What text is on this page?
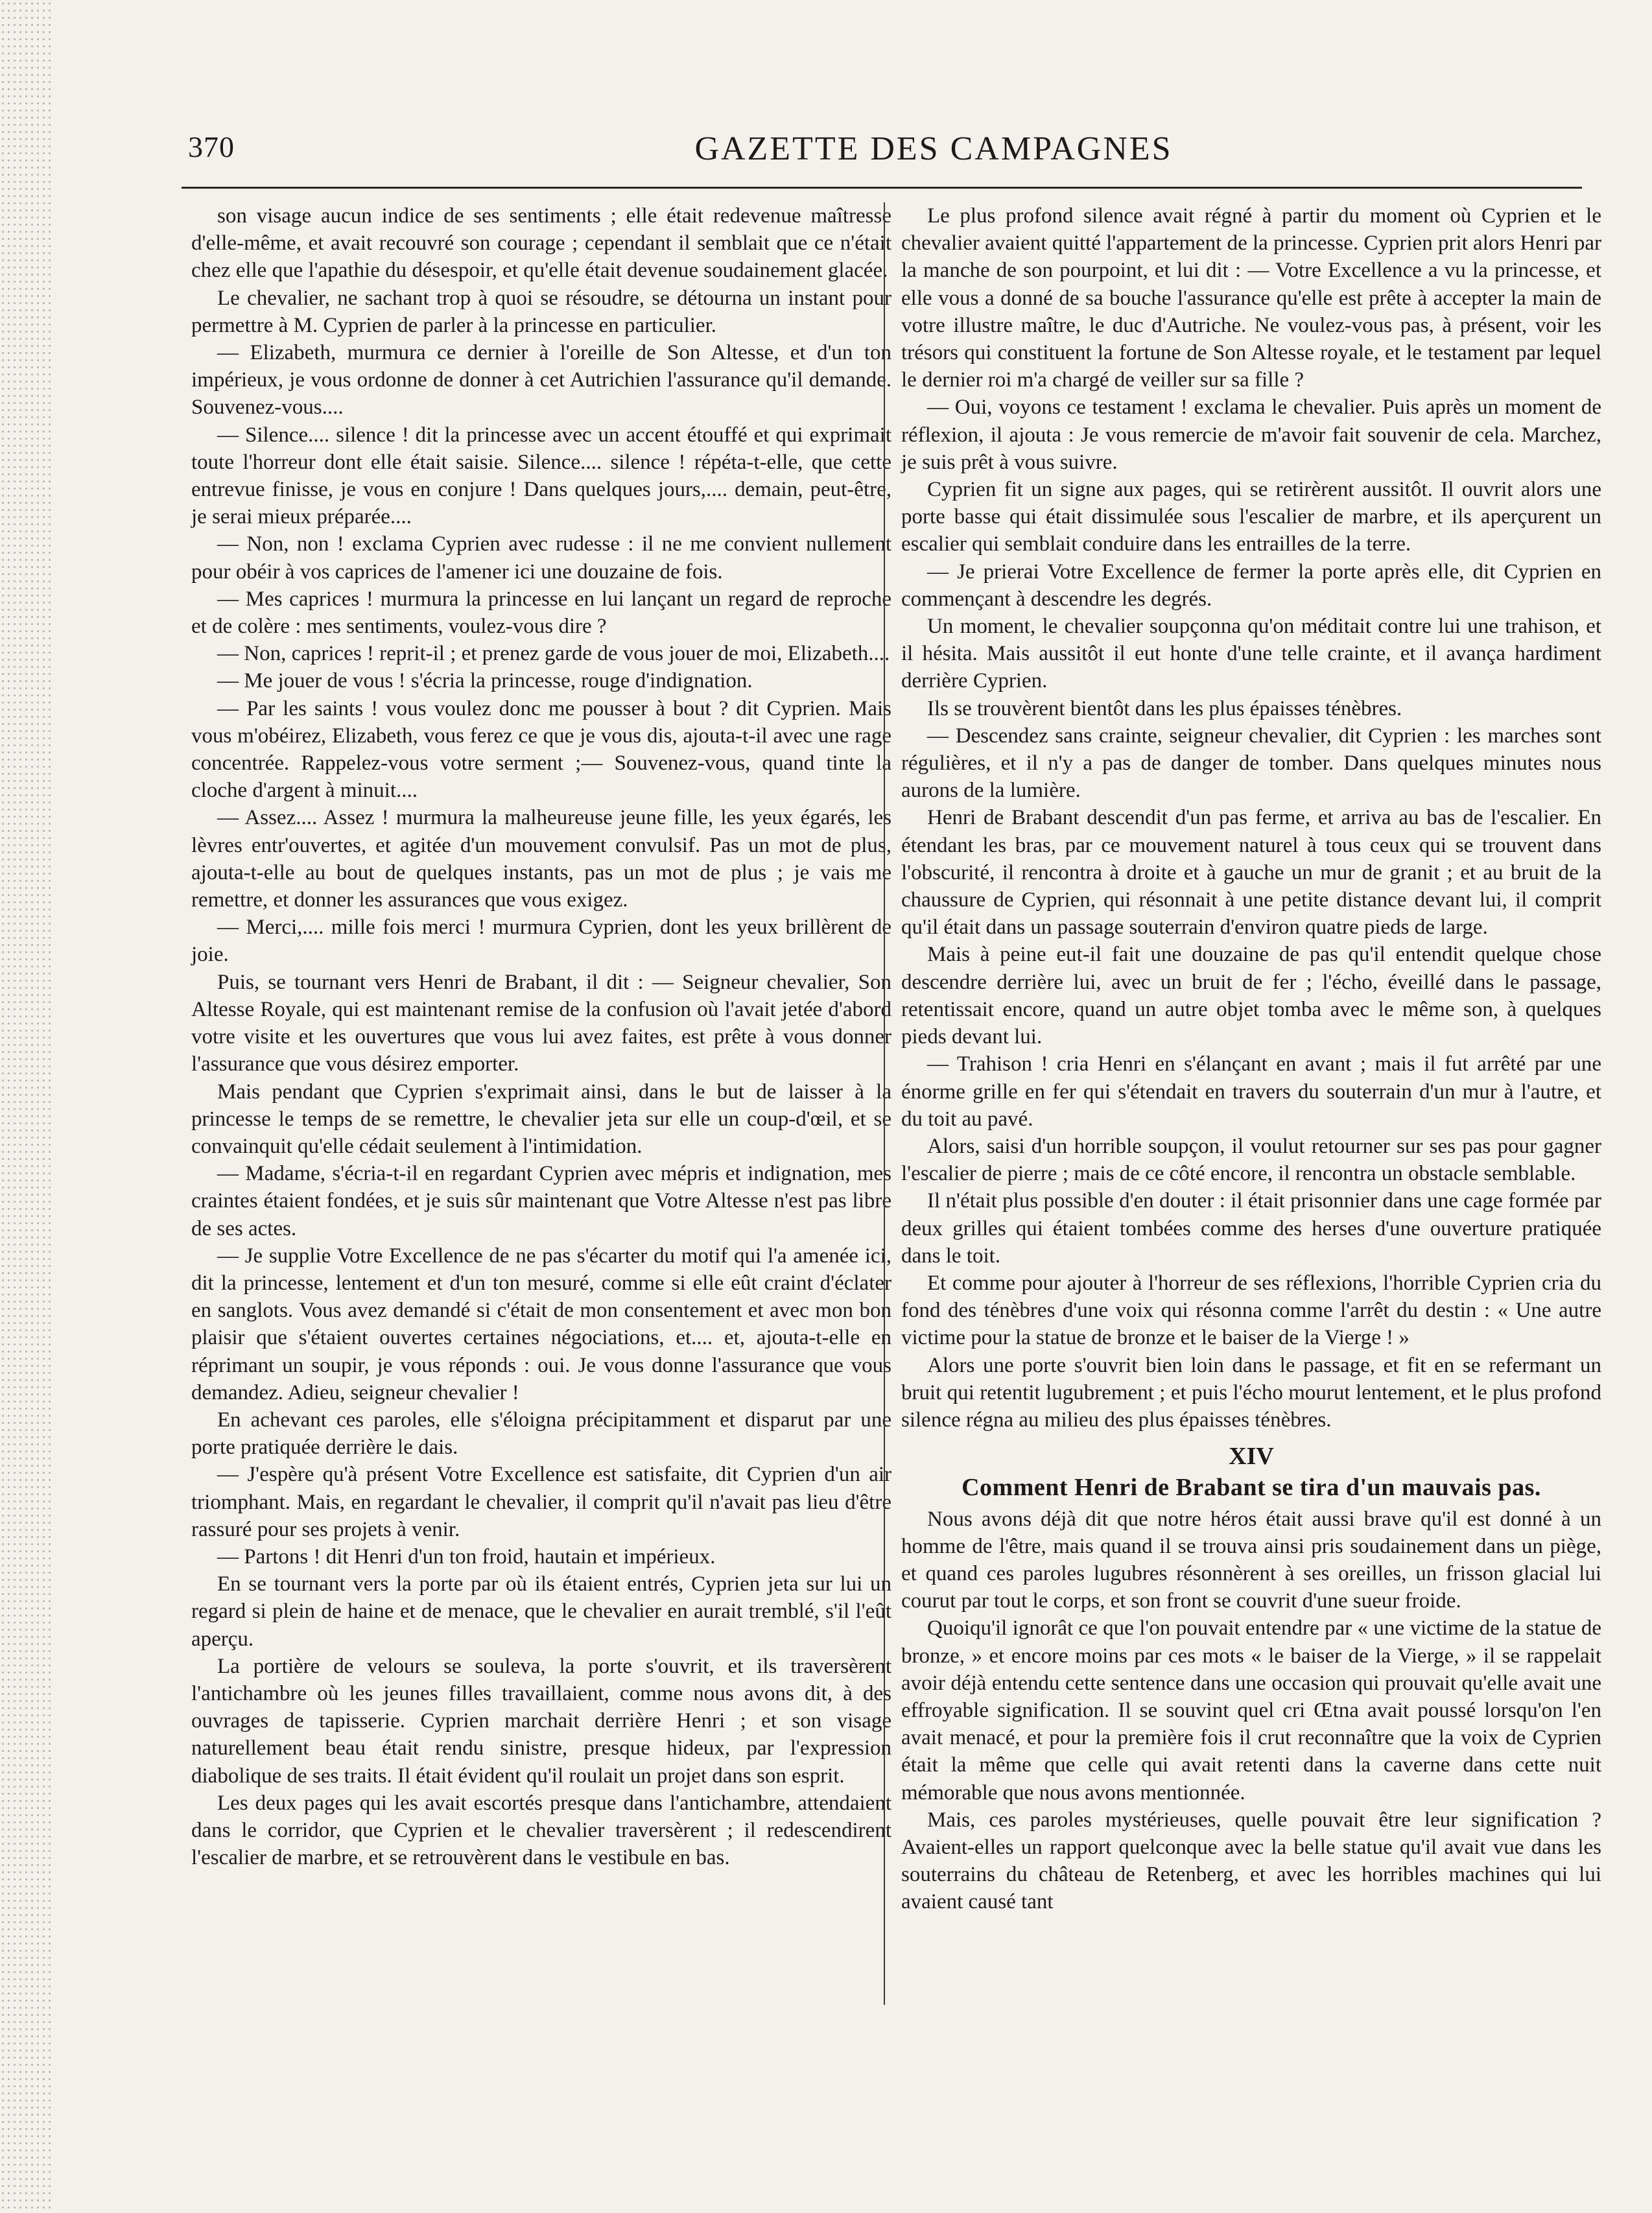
370	GAZETTE DES CAMPAGNES

son visage aucun indice de ses sentiments ; elle était redevenue maîtresse d'elle-même, et avait recouvré son courage ; cependant il semblait que ce n'était chez elle que l'apathie du désespoir, et qu'elle était devenue soudainement glacée.

Le chevalier, ne sachant trop à quoi se résoudre, se détourna un instant pour permettre à M. Cyprien de parler à la princesse en particulier.

— Elizabeth, murmura ce dernier à l'oreille de Son Altesse, et d'un ton impérieux, je vous ordonne de donner à cet Autrichien l'assurance qu'il demande. Souvenez-vous....

— Silence.... silence ! dit la princesse avec un accent étouffé et qui exprimait toute l'horreur dont elle était saisie. Silence.... silence ! répéta-t-elle, que cette entrevue finisse, je vous en conjure ! Dans quelques jours,.... demain, peut-être, je serai mieux préparée....

— Non, non ! exclama Cyprien avec rudesse : il ne me convient nullement pour obéir à vos caprices de l'amener ici une douzaine de fois.

— Mes caprices ! murmura la princesse en lui lançant un regard de reproche et de colère : mes sentiments, voulez-vous dire ?

— Non, caprices ! reprit-il ; et prenez garde de vous jouer de moi, Elizabeth....

— Me jouer de vous ! s'écria la princesse, rouge d'indignation.

— Par les saints ! vous voulez donc me pousser à bout ? dit Cyprien. Mais vous m'obéirez, Elizabeth, vous ferez ce que je vous dis, ajouta-t-il avec une rage concentrée. Rappelez-vous votre serment ;— Souvenez-vous, quand tinte la cloche d'argent à minuit....

— Assez.... Assez ! murmura la malheureuse jeune fille, les yeux égarés, les lèvres entr'ouvertes, et agitée d'un mouvement convulsif. Pas un mot de plus, ajouta-t-elle au bout de quelques instants, pas un mot de plus ; je vais me remettre, et donner les assurances que vous exigez.

— Merci,.... mille fois merci ! murmura Cyprien, dont les yeux brillèrent de joie.

Puis, se tournant vers Henri de Brabant, il dit : — Seigneur chevalier, Son Altesse Royale, qui est maintenant remise de la confusion où l'avait jetée d'abord votre visite et les ouvertures que vous lui avez faites, est prête à vous donner l'assurance que vous désirez emporter.

Mais pendant que Cyprien s'exprimait ainsi, dans le but de laisser à la princesse le temps de se remettre, le chevalier jeta sur elle un coup-d'œil, et se convainquit qu'elle cédait seulement à l'intimidation.

— Madame, s'écria-t-il en regardant Cyprien avec mépris et indignation, mes craintes étaient fondées, et je suis sûr maintenant que Votre Altesse n'est pas libre de ses actes.

— Je supplie Votre Excellence de ne pas s'écarter du motif qui l'a amenée ici, dit la princesse, lentement et d'un ton mesuré, comme si elle eût craint d'éclater en sanglots. Vous avez demandé si c'était de mon consentement et avec mon bon plaisir que s'étaient ouvertes certaines négociations, et.... et, ajouta-t-elle en réprimant un soupir, je vous réponds : oui. Je vous donne l'assurance que vous demandez. Adieu, seigneur chevalier !

En achevant ces paroles, elle s'éloigna précipitamment et disparut par une porte pratiquée derrière le dais.

— J'espère qu'à présent Votre Excellence est satisfaite, dit Cyprien d'un air triomphant. Mais, en regardant le chevalier, il comprit qu'il n'avait pas lieu d'être rassuré pour ses projets à venir.

— Partons ! dit Henri d'un ton froid, hautain et impérieux.

En se tournant vers la porte par où ils étaient entrés, Cyprien jeta sur lui un regard si plein de haine et de menace, que le chevalier en aurait tremblé, s'il l'eût aperçu.

La portière de velours se souleva, la porte s'ouvrit, et ils traversèrent l'antichambre où les jeunes filles travaillaient, comme nous avons dit, à des ouvrages de tapisserie. Cyprien marchait derrière Henri ; et son visage naturellement beau était rendu sinistre, presque hideux, par l'expression diabolique de ses traits. Il était évident qu'il roulait un projet dans son esprit.

Les deux pages qui les avait escortés presque dans l'antichambre, attendaient dans le corridor, que Cyprien et le chevalier traversèrent ; il redescendirent l'escalier de marbre, et se retrouvèrent dans le vestibule en bas.

Le plus profond silence avait régné à partir du moment où Cyprien et le chevalier avaient quitté l'appartement de la princesse. Cyprien prit alors Henri par la manche de son pourpoint, et lui dit : — Votre Excellence a vu la princesse, et elle vous a donné de sa bouche l'assurance qu'elle est prête à accepter la main de votre illustre maître, le duc d'Autriche. Ne voulez-vous pas, à présent, voir les trésors qui constituent la fortune de Son Altesse royale, et le testament par lequel le dernier roi m'a chargé de veiller sur sa fille ?

— Oui, voyons ce testament ! exclama le chevalier. Puis après un moment de réflexion, il ajouta : Je vous remercie de m'avoir fait souvenir de cela. Marchez, je suis prêt à vous suivre.

Cyprien fit un signe aux pages, qui se retirèrent aussitôt. Il ouvrit alors une porte basse qui était dissimulée sous l'escalier de marbre, et ils aperçurent un escalier qui semblait conduire dans les entrailles de la terre.

— Je prierai Votre Excellence de fermer la porte après elle, dit Cyprien en commençant à descendre les degrés.

Un moment, le chevalier soupçonna qu'on méditait contre lui une trahison, et il hésita. Mais aussitôt il eut honte d'une telle crainte, et il avança hardiment derrière Cyprien.

Ils se trouvèrent bientôt dans les plus épaisses ténèbres.

— Descendez sans crainte, seigneur chevalier, dit Cyprien : les marches sont régulières, et il n'y a pas de danger de tomber. Dans quelques minutes nous aurons de la lumière.

Henri de Brabant descendit d'un pas ferme, et arriva au bas de l'escalier. En étendant les bras, par ce mouvement naturel à tous ceux qui se trouvent dans l'obscurité, il rencontra à droite et à gauche un mur de granit ; et au bruit de la chaussure de Cyprien, qui résonnait à une petite distance devant lui, il comprit qu'il était dans un passage souterrain d'environ quatre pieds de large.

Mais à peine eut-il fait une douzaine de pas qu'il entendit quelque chose descendre derrière lui, avec un bruit de fer ; l'écho, éveillé dans le passage, retentissait encore, quand un autre objet tomba avec le même son, à quelques pieds devant lui.

— Trahison ! cria Henri en s'élançant en avant ; mais il fut arrêté par une énorme grille en fer qui s'étendait en travers du souterrain d'un mur à l'autre, et du toit au pavé.

Alors, saisi d'un horrible soupçon, il voulut retourner sur ses pas pour gagner l'escalier de pierre ; mais de ce côté encore, il rencontra un obstacle semblable.

Il n'était plus possible d'en douter : il était prisonnier dans une cage formée par deux grilles qui étaient tombées comme des herses d'une ouverture pratiquée dans le toit.

Et comme pour ajouter à l'horreur de ses réflexions, l'horrible Cyprien cria du fond des ténèbres d'une voix qui résonna comme l'arrêt du destin : « Une autre victime pour la statue de bronze et le baiser de la Vierge ! »

Alors une porte s'ouvrit bien loin dans le passage, et fit en se refermant un bruit qui retentit lugubrement ; et puis l'écho mourut lentement, et le plus profond silence régna au milieu des plus épaisses ténèbres.

XIV
Comment Henri de Brabant se tira d'un mauvais pas.

Nous avons déjà dit que notre héros était aussi brave qu'il est donné à un homme de l'être, mais quand il se trouva ainsi pris soudainement dans un piège, et quand ces paroles lugubres résonnèrent à ses oreilles, un frisson glacial lui courut par tout le corps, et son front se couvrit d'une sueur froide.

Quoiqu'il ignorât ce que l'on pouvait entendre par « une victime de la statue de bronze, » et encore moins par ces mots « le baiser de la Vierge, » il se rappelait avoir déjà entendu cette sentence dans une occasion qui prouvait qu'elle avait une effroyable signification. Il se souvint quel cri Œtna avait poussé lorsqu'on l'en avait menacé, et pour la première fois il crut reconnaître que la voix de Cyprien était la même que celle qui avait retenti dans la caverne dans cette nuit mémorable que nous avons mentionnée.

Mais, ces paroles mystérieuses, quelle pouvait être leur signification ? Avaient-elles un rapport quelconque avec la belle statue qu'il avait vue dans les souterrains du château de Retenberg, et avec les horribles machines qui lui avaient causé tant
